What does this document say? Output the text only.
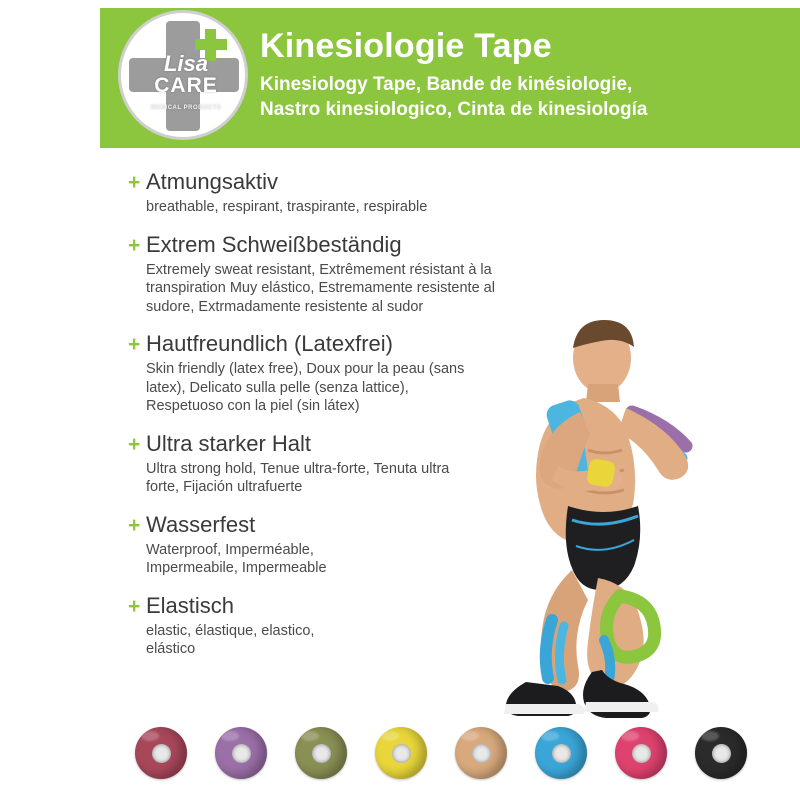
Kinesiologie Tape
Kinesiology Tape, Bande de kinésiologie,
Nastro kinesiologico, Cinta de kinesiología
Lisa
CARE
MEDICAL PRODUCTS
+ Atmungsaktiv
breathable, respirant, traspirante, respirable
+ Extrem Schweißbeständig
Extremely sweat resistant, Extrêmement résistant à la transpiration Muy elástico, Estremamente resistente al sudore, Extrmadamente resistente al sudor
+ Hautfreundlich (Latexfrei)
Skin friendly (latex free), Doux pour la peau (sans latex), Delicato sulla pelle (senza lattice), Respetuoso con la piel (sin látex)
+ Ultra starker Halt
Ultra strong hold, Tenue ultra-forte, Tenuta ultra forte, Fijación ultrafuerte
+ Wasserfest
Waterproof, Imperméable, Impermeabile, Impermeable
+ Elastisch
elastic, élastique, elastico, elástico
